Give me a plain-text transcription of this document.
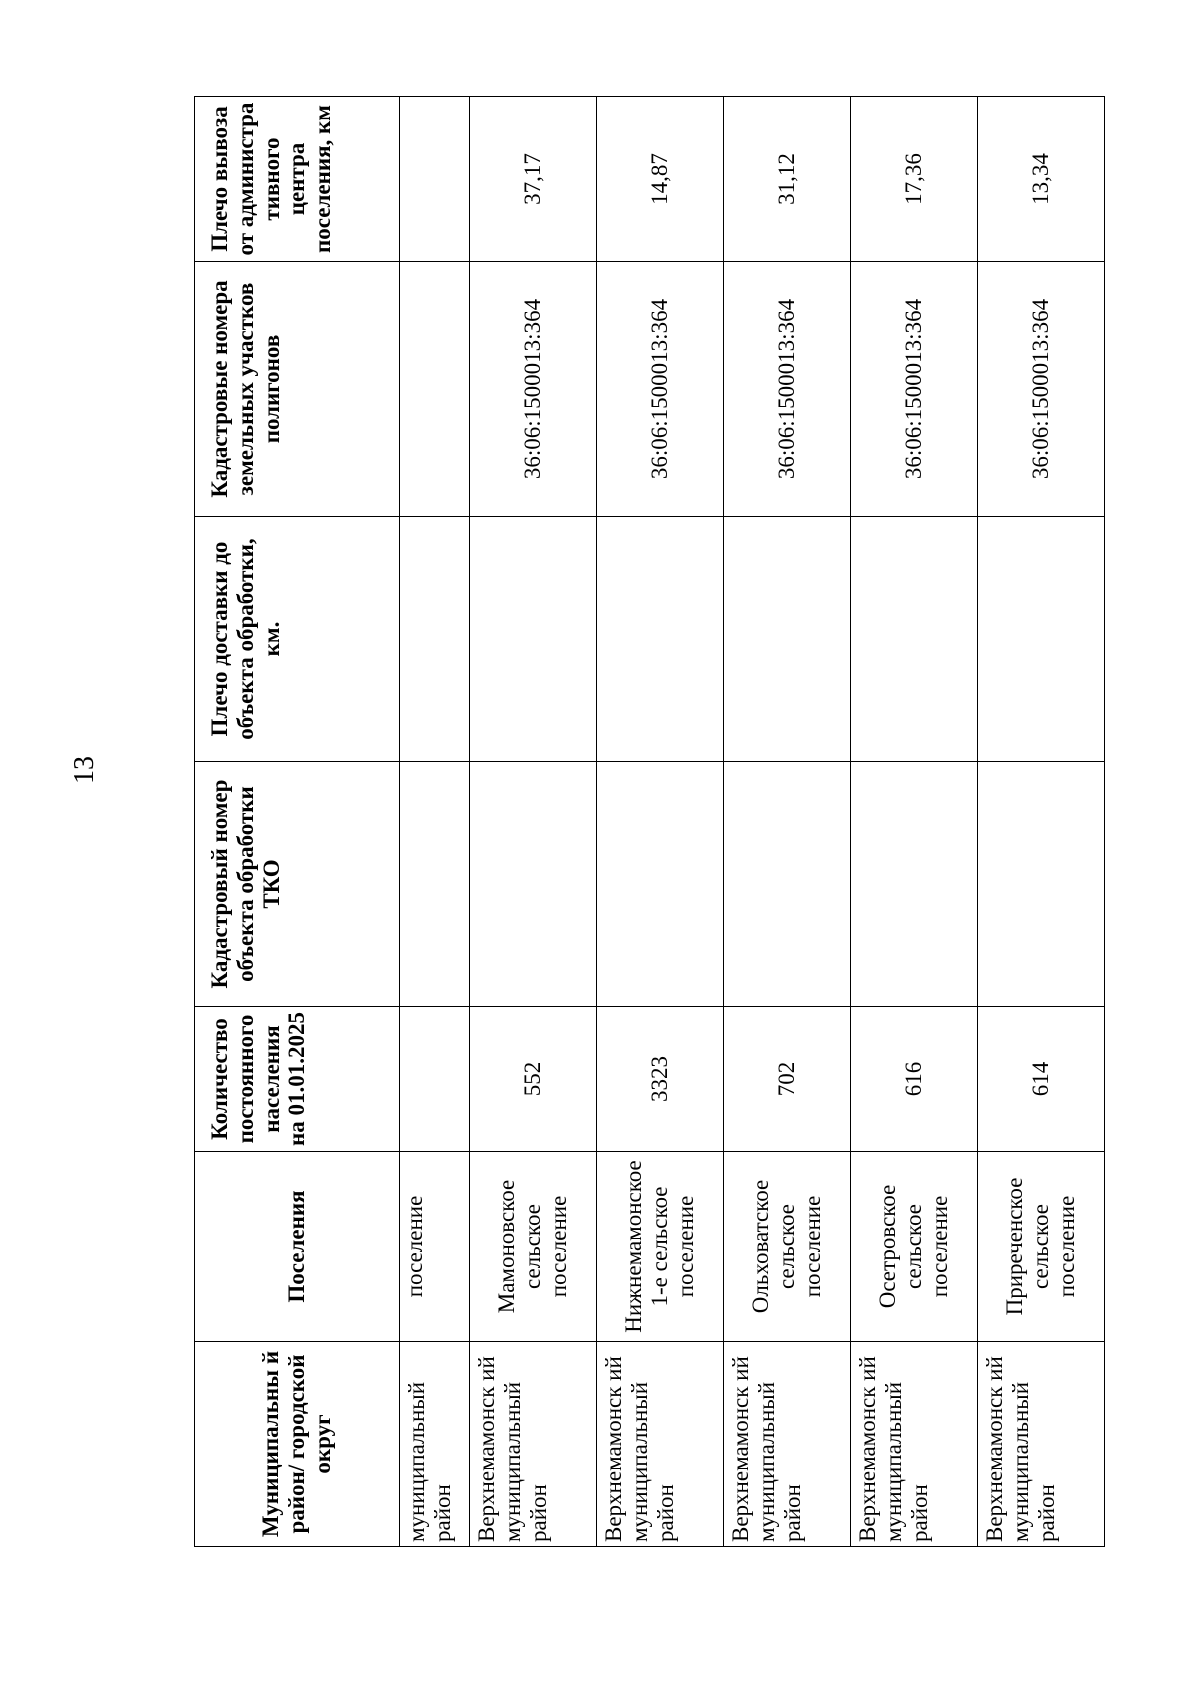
13
Муниципальны й район/ городской округ	Поселения	Количество постоянного населения на 01.01.2025	Кадастровый номер объекта обработки ТКО	Плечо доставки до объекта обработки, км.	Кадастровые номера земельных участков полигонов	Плечо вывоза от администра тивного центра поселения, км
муниципальный район	поселение					
Верхнемамонск ий муниципальный район	Мамоновское сельское поселение	552			36:06:1500013:364	37,17
Верхнемамонск ий муниципальный район	Нижнемамонское 1-е сельское поселение	3323			36:06:1500013:364	14,87
Верхнемамонск ий муниципальный район	Ольховатское сельское поселение	702			36:06:1500013:364	31,12
Верхнемамонск ий муниципальный район	Осетровское сельское поселение	616			36:06:1500013:364	17,36
Верхнемамонск ий муниципальный район	Приреченское сельское поселение	614			36:06:1500013:364	13,34
